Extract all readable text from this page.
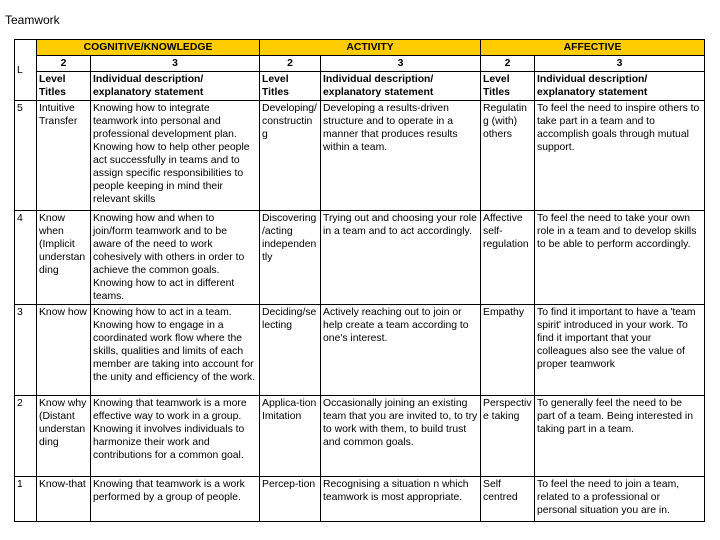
Teamwork
L	COGNITIVE/KNOWLEDGE		ACTIVITY		AFFECTIVE	
	2	3	2	3	2	3
	Level Titles	Individual description/ explanatory statement	Level Titles	Individual description/ explanatory statement	Level Titles	Individual description/ explanatory statement
5	Intuitive Transfer	Knowing how to integrate teamwork into personal and professional development plan. Knowing how to help other people act successfully in teams and to assign specific responsibilities to people keeping in mind their relevant skills	Developing/ constructing	Developing a results-driven structure and to operate in a manner that produces results within a team.	Regulating (with) others	To feel the need to inspire others to take part in a team and to accomplish goals through mutual support.
4	Know when (Implicit understanding	Knowing how and when to join/form teamwork and to be aware of the need to work cohesively with others in order to achieve the common goals. Knowing how to act in different teams.	Discovering /acting independently	Trying out and choosing your role in a team and to act accordingly.	Affective self-regulation	To feel the need to take your own role in a team and to develop skills to be able to perform accordingly.
3	Know how	Knowing how to act in a team. Knowing how to engage in a coordinated work flow where the skills, qualities and limits of each member are taking into account for the unity and efficiency of the work.	Deciding/selecting	Actively reaching out to join or help create a team according to one's interest.	Empathy	To find it important to have a 'team spirit' introduced in your work. To find it important that your colleagues also see the value of proper teamwork
2	Know why (Distant understanding	Knowing that teamwork is a more effective way to work in a group. Knowing it involves individuals to harmonize their work and contributions for a common goal.	Applica-tion Imitation	Occasionally joining an existing team that you are invited to, to try to work with them, to build trust and common goals.	Perspective taking	To generally feel the need to be part of a team. Being interested in taking part in a team.
1	Know-that	Knowing that teamwork is a work performed by a group of people.	Percep-tion	Recognising a situation n which teamwork is most appropriate.	Self centred	To feel the need to join a team, related to a professional or personal situation you are in.
